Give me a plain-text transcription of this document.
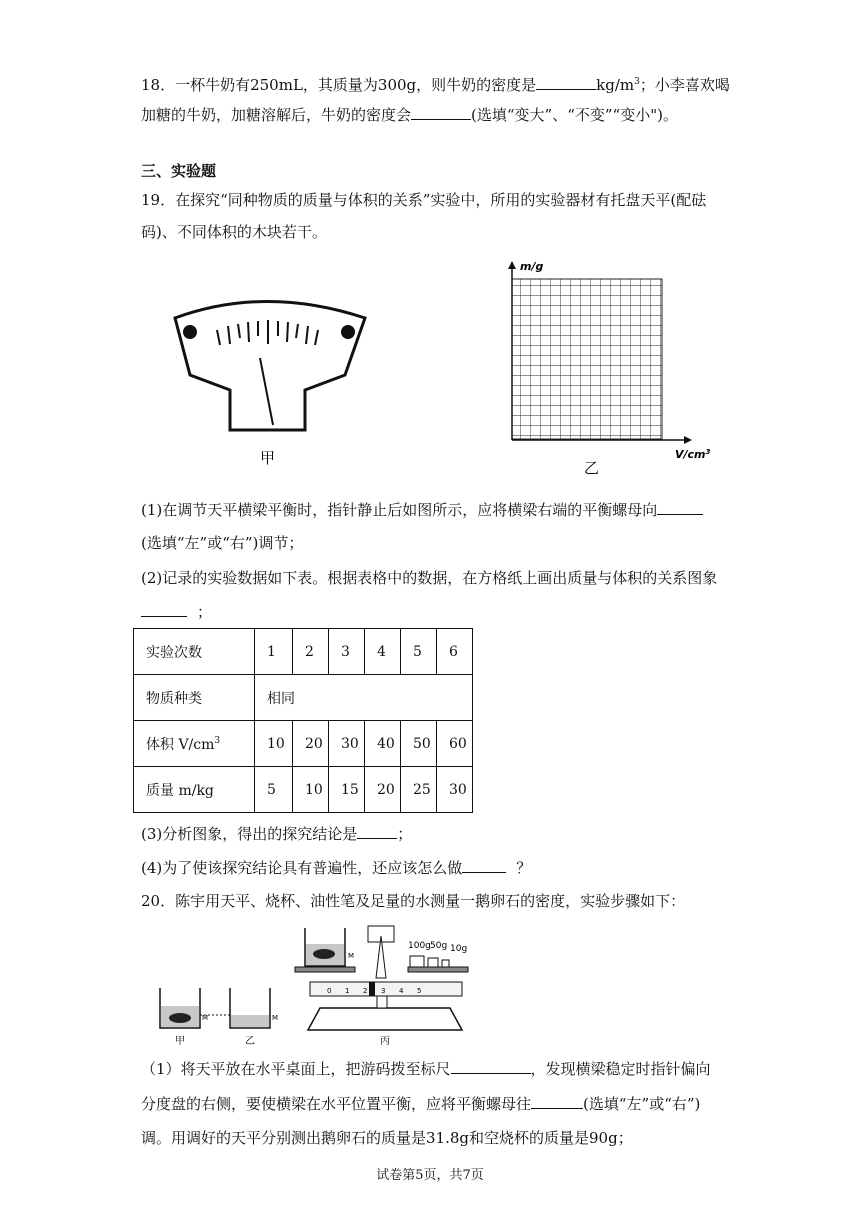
18．一杯牛奶有250mL，其质量为300g，则牛奶的密度是	$kg/m^3$；小李喜欢喝
加糖的牛奶，加糖溶解后，牛奶的密度会	(选填“变大”、“不变”“变小")。
三、实验题
19．在探究“同种物质的质量与体积的关系”实验中，所用的实验器材有托盘天平(配砝
码)、不同体积的木块若干。
甲
m/g
$V/cm^3$
乙
(1)在调节天平横梁平衡时，指针静止后如图所示，应将横梁右端的平衡螺母向
(选填“左”或“右”)调节；
(2)记录的实验数据如下表。根据表格中的数据，在方格纸上画出质量与体积的关系图象
；
实验次数	1	2	3	4	5	6
物质种类	相同					
体积 $V/cm^3$	10	20	30	40	50	60
质量 m/kg	5	10	15	20	25	30
(3)分析图象，得出的探究结论是	；
(4)为了使该探究结论具有普遍性，还应该怎么做	？
20．陈宇用天平、烧杯、油性笔及足量的水测量一鹅卵石的密度，实验步骤如下：
M	M
M
0 1 2 3 4 5
100g 50g 10g
甲	乙	丙
（1）将天平放在水平桌面上，把游码拨至标尺	，发现横梁稳定时指针偏向
分度盘的右侧，要使横梁在水平位置平衡，应将平衡螺母往	(选填“左”或“右”)
调。用调好的天平分别测出鹅卵石的质量是31.8g和空烧杯的质量是90g；
试卷第5页，共7页
